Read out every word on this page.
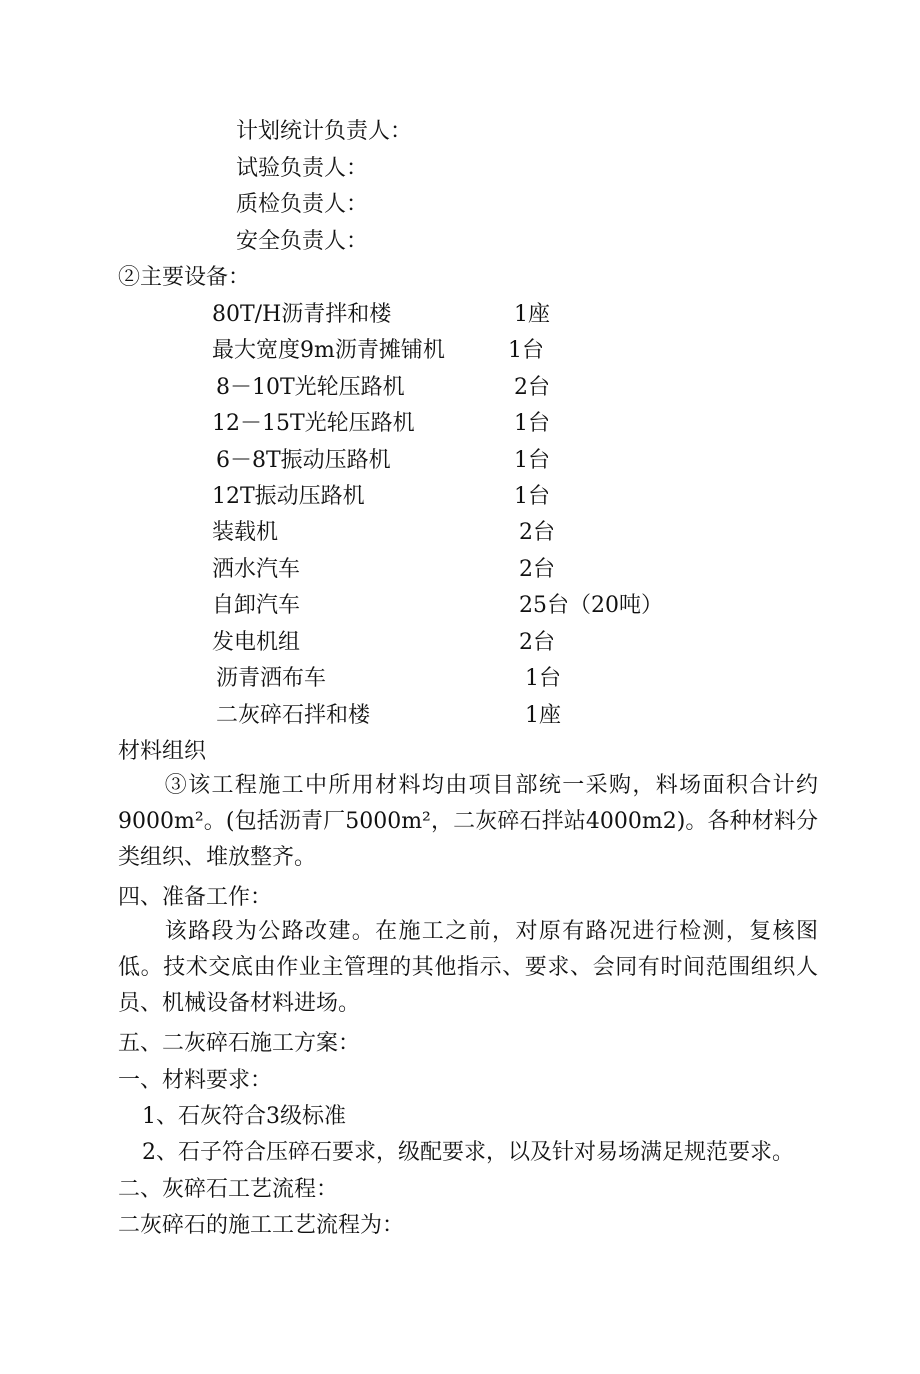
计划统计负责人：
试验负责人：
质检负责人：
安全负责人：
②主要设备：
80T/H沥青拌和楼	1座
最大宽度9m沥青摊铺机	1台
8－10T光轮压路机	2台
12－15T光轮压路机	1台
6－8T振动压路机	1台
12T振动压路机	1台
装载机	2台
洒水汽车	2台
自卸汽车	25台（20吨）
发电机组	2台
沥青洒布车	1台
二灰碎石拌和楼	1座
材料组织
　　③该工程施工中所用材料均由项目部统一采购，料场面积合计约9000m²。(包括沥青厂5000m²，二灰碎石拌站4000m2)。各种材料分类组织、堆放整齐。
四、准备工作：
　　该路段为公路改建。在施工之前，对原有路况进行检测，复核图低。技术交底由作业主管理的其他指示、要求、会同有时间范围组织人员、机械设备材料进场。
五、二灰碎石施工方案：
一、材料要求：
1、石灰符合3级标准
2、石子符合压碎石要求，级配要求，以及针对易场满足规范要求。
二、灰碎石工艺流程：
二灰碎石的施工工艺流程为：
